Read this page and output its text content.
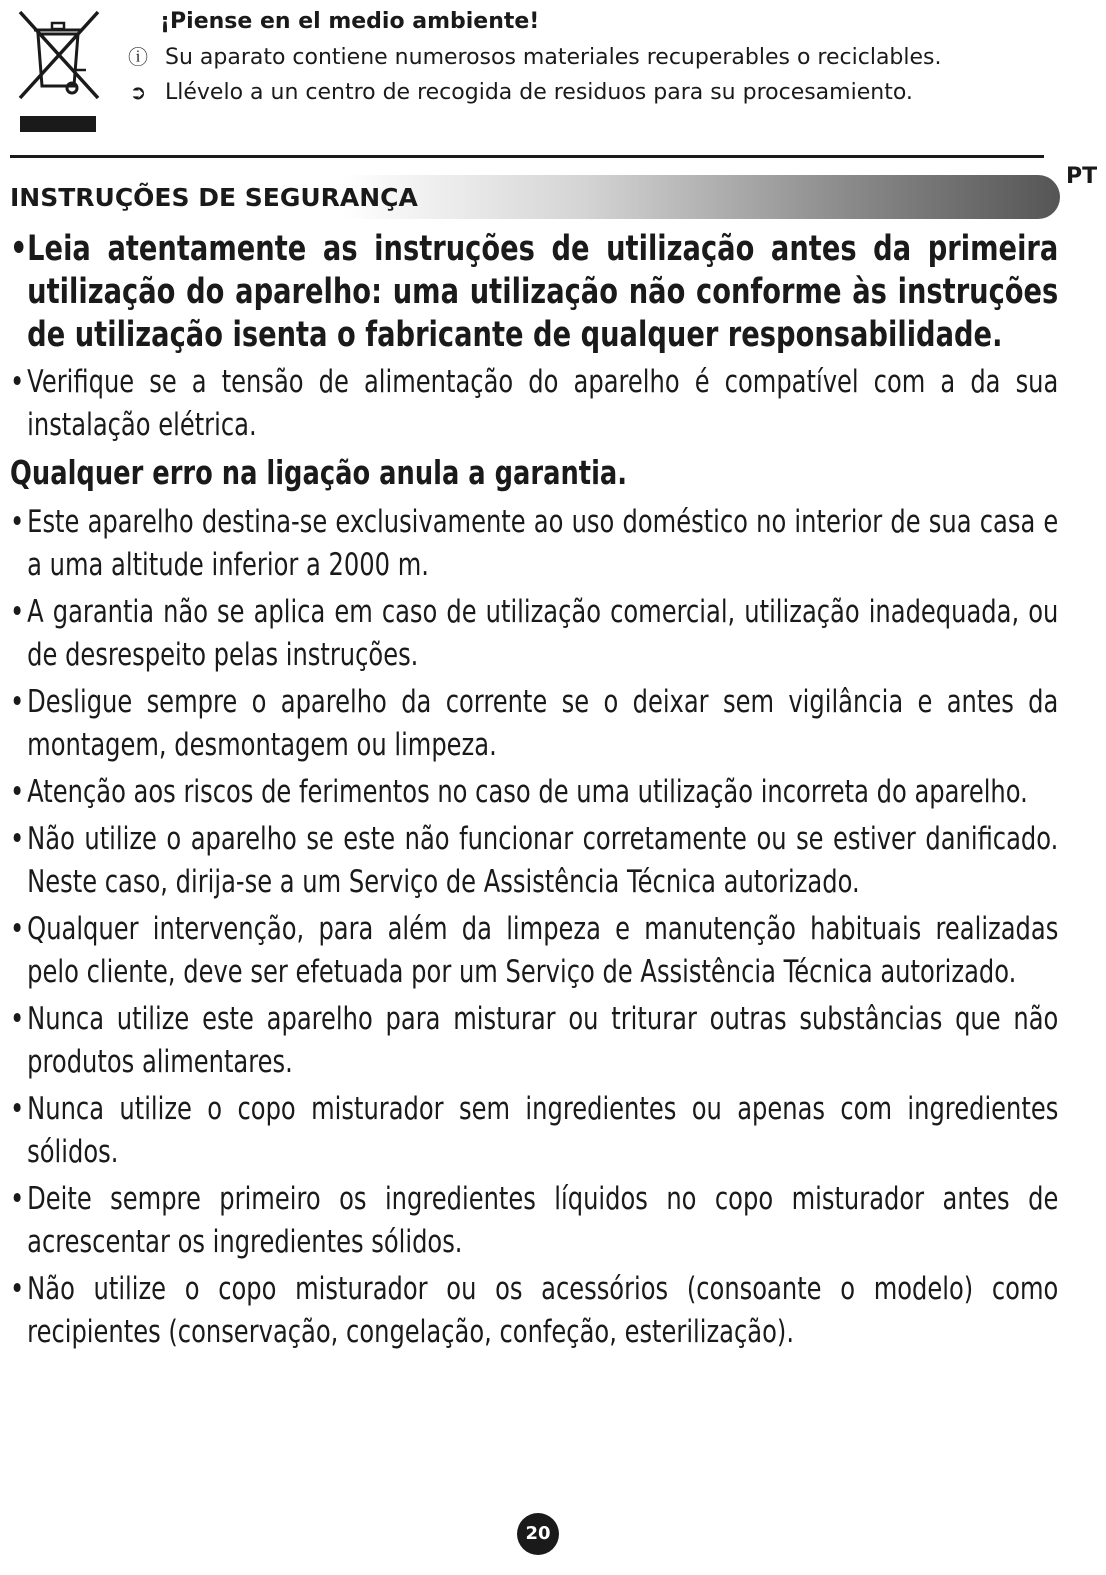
¡Piense en el medio ambiente!
ⓘ Su aparato contiene numerosos materiales recuperables o reciclables.
➲ Llévelo a un centro de recogida de residuos para su procesamiento.
PT
INSTRUÇÕES DE SEGURANÇA
•Leia atentamente as instruções de utilização antes da primeira utilização do aparelho: uma utilização não conforme às instruções de utilização isenta o fabricante de qualquer responsabilidade.
•Verifique se a tensão de alimentação do aparelho é compatível com a da sua instalação elétrica.
Qualquer erro na ligação anula a garantia.
•Este aparelho destina-se exclusivamente ao uso doméstico no interior de sua casa e a uma altitude inferior a 2000 m.
•A garantia não se aplica em caso de utilização comercial, utilização inadequada, ou de desrespeito pelas instruções.
•Desligue sempre o aparelho da corrente se o deixar sem vigilância e antes da montagem, desmontagem ou limpeza.
•Atenção aos riscos de ferimentos no caso de uma utilização incorreta do aparelho.
•Não utilize o aparelho se este não funcionar corretamente ou se estiver danificado. Neste caso, dirija-se a um Serviço de Assistência Técnica autorizado.
•Qualquer intervenção, para além da limpeza e manutenção habituais realizadas pelo cliente, deve ser efetuada por um Serviço de Assistência Técnica autorizado.
•Nunca utilize este aparelho para misturar ou triturar outras substâncias que não produtos alimentares.
•Nunca utilize o copo misturador sem ingredientes ou apenas com ingredientes sólidos.
•Deite sempre primeiro os ingredientes líquidos no copo misturador antes de acrescentar os ingredientes sólidos.
•Não utilize o copo misturador ou os acessórios (consoante o modelo) como recipientes (conservação, congelação, confeção, esterilização).
20
